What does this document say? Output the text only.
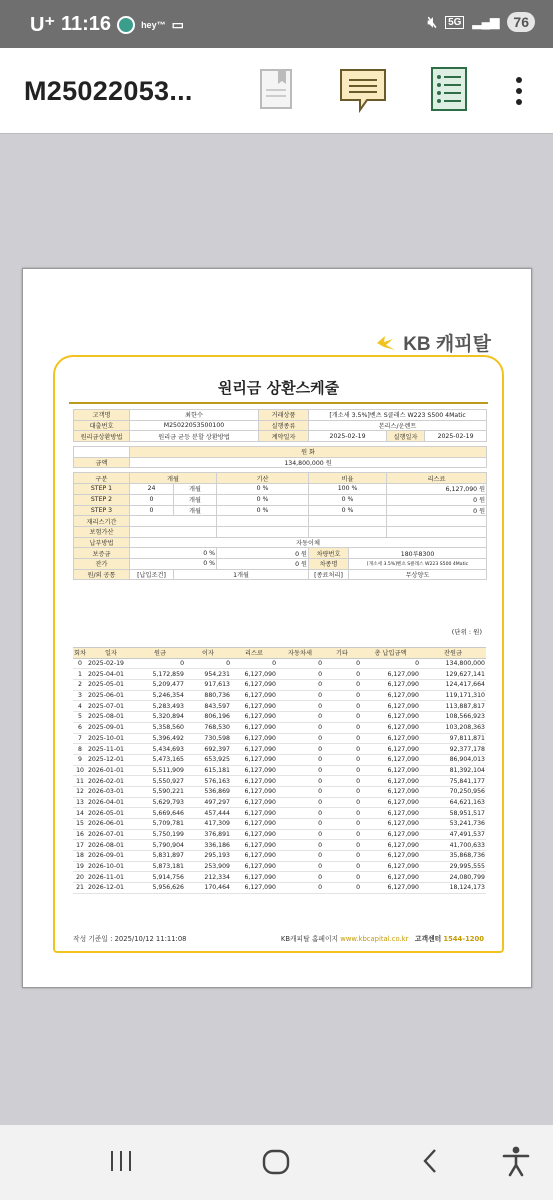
U⁺ 11:16	hey™ ▭	🔇︎	5G ▂▄▆	76
M25022053...
KB 캐피탈
원리금 상환스케줄
고객명	최한수			거래상품	[개소세 3.5%]벤츠 S클래스 W223 S500 4Matic			
대출번호	M25022053500100			실행종류	본리스/운렌트			
원리금상환방법	원리금 균등 분할 상환방법			계약일자	2025-02-19		실행일자	2025-02-19

	원 화							
금액	134,800,000 원							

구분	개월		기산		비율		리스료	
STEP 1	24	개월	0 %		100 %		6,127,090 원	
STEP 2	0	개월	0 %		0 %		0 원	
STEP 3	0	개월	0 %		0 %		0 원	
재리스기간								
보험가산								
납부방법	자동이체							
보증금	0 %		0 원		차량번호	180루8300		
잔가	0 %		0 원		차종명	[개소세 3.5%]벤츠 S클래스 W223 S500 4Matic		
원/외 공통	[납입조건]	1개월			[종료처리]	무상양도		
(단위 : 원)
회차	일자	원금	이자	리스료	자동차세	기타	총 납입금액	잔원금
0	2025-02-19	0	0	0	0	0	0	134,800,000
1	2025-04-01	5,172,859	954,231	6,127,090	0	0	6,127,090	129,627,141
2	2025-05-01	5,209,477	917,613	6,127,090	0	0	6,127,090	124,417,664
3	2025-06-01	5,246,354	880,736	6,127,090	0	0	6,127,090	119,171,310
4	2025-07-01	5,283,493	843,597	6,127,090	0	0	6,127,090	113,887,817
5	2025-08-01	5,320,894	806,196	6,127,090	0	0	6,127,090	108,566,923
6	2025-09-01	5,358,560	768,530	6,127,090	0	0	6,127,090	103,208,363
7	2025-10-01	5,396,492	730,598	6,127,090	0	0	6,127,090	97,811,871
8	2025-11-01	5,434,693	692,397	6,127,090	0	0	6,127,090	92,377,178
9	2025-12-01	5,473,165	653,925	6,127,090	0	0	6,127,090	86,904,013
10	2026-01-01	5,511,909	615,181	6,127,090	0	0	6,127,090	81,392,104
11	2026-02-01	5,550,927	576,163	6,127,090	0	0	6,127,090	75,841,177
12	2026-03-01	5,590,221	536,869	6,127,090	0	0	6,127,090	70,250,956
13	2026-04-01	5,629,793	497,297	6,127,090	0	0	6,127,090	64,621,163
14	2026-05-01	5,669,646	457,444	6,127,090	0	0	6,127,090	58,951,517
15	2026-06-01	5,709,781	417,309	6,127,090	0	0	6,127,090	53,241,736
16	2026-07-01	5,750,199	376,891	6,127,090	0	0	6,127,090	47,491,537
17	2026-08-01	5,790,904	336,186	6,127,090	0	0	6,127,090	41,700,633
18	2026-09-01	5,831,897	295,193	6,127,090	0	0	6,127,090	35,868,736
19	2026-10-01	5,873,181	253,909	6,127,090	0	0	6,127,090	29,995,555
20	2026-11-01	5,914,756	212,334	6,127,090	0	0	6,127,090	24,080,799
21	2026-12-01	5,956,626	170,464	6,127,090	0	0	6,127,090	18,124,173
작성 기준일 : 2025/10/12 11:11:08	KB캐피탈 홈페이지 www.kbcapital.co.kr 고객센터 1544-1200
